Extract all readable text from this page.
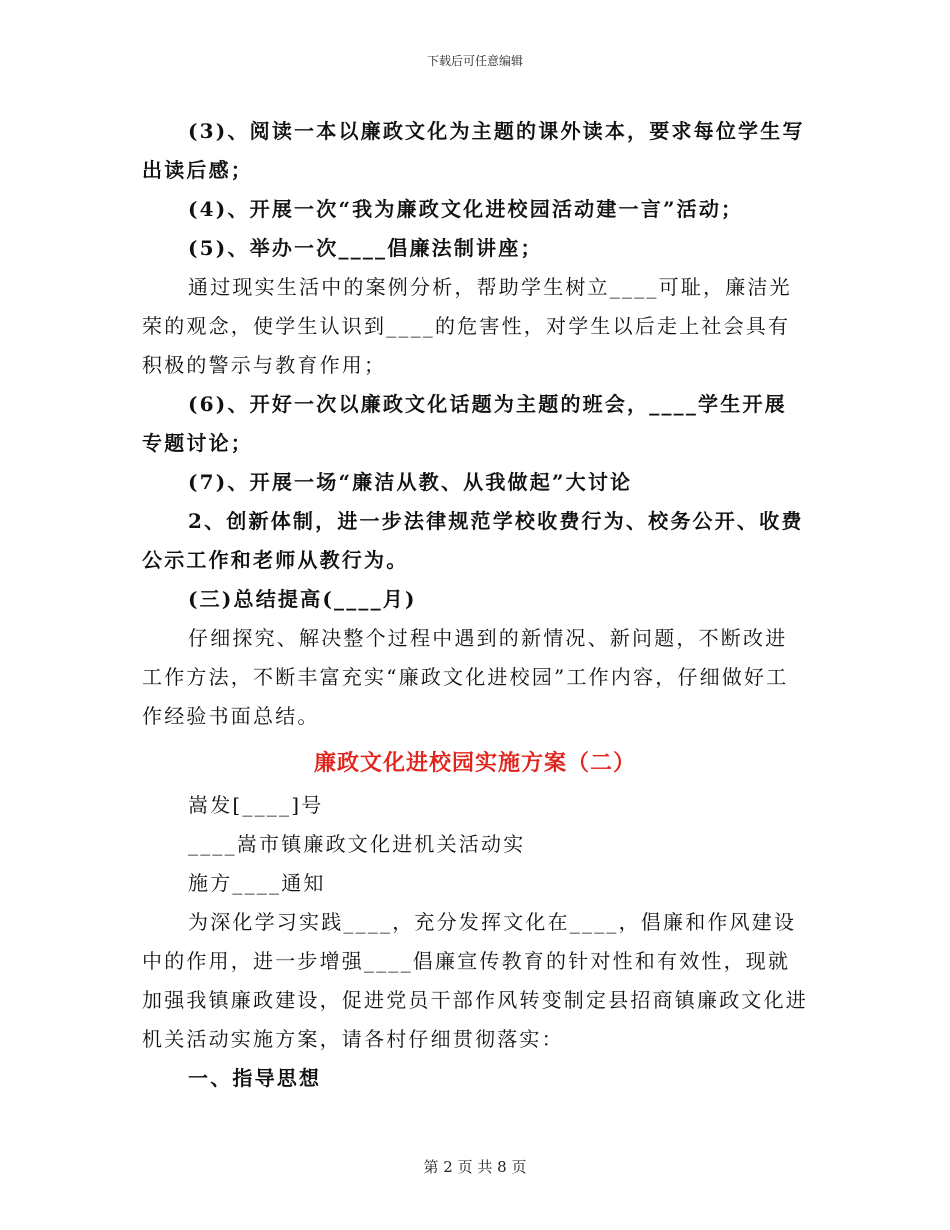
下载后可任意编辑

(3)、阅读一本以廉政文化为主题的课外读本，要求每位学生写出读后感；

(4)、开展一次“我为廉政文化进校园活动建一言”活动；

(5)、举办一次____倡廉法制讲座；

通过现实生活中的案例分析，帮助学生树立____可耻，廉洁光荣的观念，使学生认识到____的危害性，对学生以后走上社会具有积极的警示与教育作用；

(6)、开好一次以廉政文化话题为主题的班会，____学生开展专题讨论；

(7)、开展一场“廉洁从教、从我做起”大讨论

2、创新体制，进一步法律规范学校收费行为、校务公开、收费公示工作和老师从教行为。

(三)总结提高(____月)

仔细探究、解决整个过程中遇到的新情况、新问题，不断改进工作方法，不断丰富充实“廉政文化进校园”工作内容，仔细做好工作经验书面总结。

廉政文化进校园实施方案（二）

嵩发[____]号

____嵩市镇廉政文化进机关活动实

施方____通知

为深化学习实践____，充分发挥文化在____，倡廉和作风建设中的作用，进一步增强____倡廉宣传教育的针对性和有效性，现就加强我镇廉政建设，促进党员干部作风转变制定县招商镇廉政文化进机关活动实施方案，请各村仔细贯彻落实：

一、指导思想

第 2 页 共 8 页
